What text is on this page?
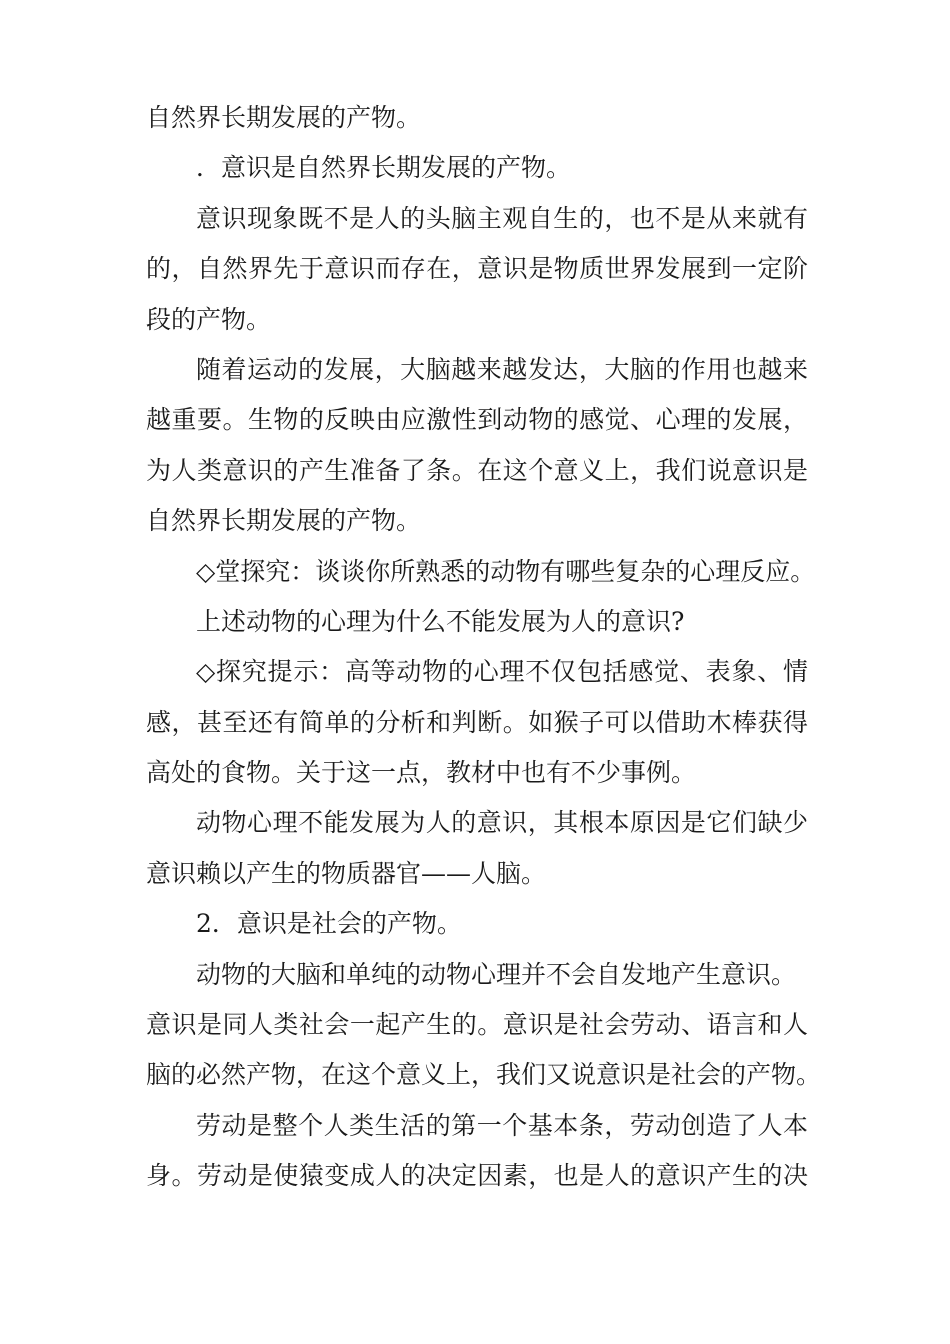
自然界长期发展的产物。
．意识是自然界长期发展的产物。
意识现象既不是人的头脑主观自生的，也不是从来就有
的，自然界先于意识而存在，意识是物质世界发展到一定阶
段的产物。
随着运动的发展，大脑越来越发达，大脑的作用也越来
越重要。生物的反映由应激性到动物的感觉、心理的发展，
为人类意识的产生准备了条。在这个意义上，我们说意识是
自然界长期发展的产物。
◇堂探究：谈谈你所熟悉的动物有哪些复杂的心理反应。
上述动物的心理为什么不能发展为人的意识?
◇探究提示：高等动物的心理不仅包括感觉、表象、情
感，甚至还有简单的分析和判断。如猴子可以借助木棒获得
高处的食物。关于这一点，教材中也有不少事例。
动物心理不能发展为人的意识，其根本原因是它们缺少
意识赖以产生的物质器官——人脑。
2．意识是社会的产物。
动物的大脑和单纯的动物心理并不会自发地产生意识。
意识是同人类社会一起产生的。意识是社会劳动、语言和人
脑的必然产物，在这个意义上，我们又说意识是社会的产物。
劳动是整个人类生活的第一个基本条，劳动创造了人本
身。劳动是使猿变成人的决定因素，也是人的意识产生的决
